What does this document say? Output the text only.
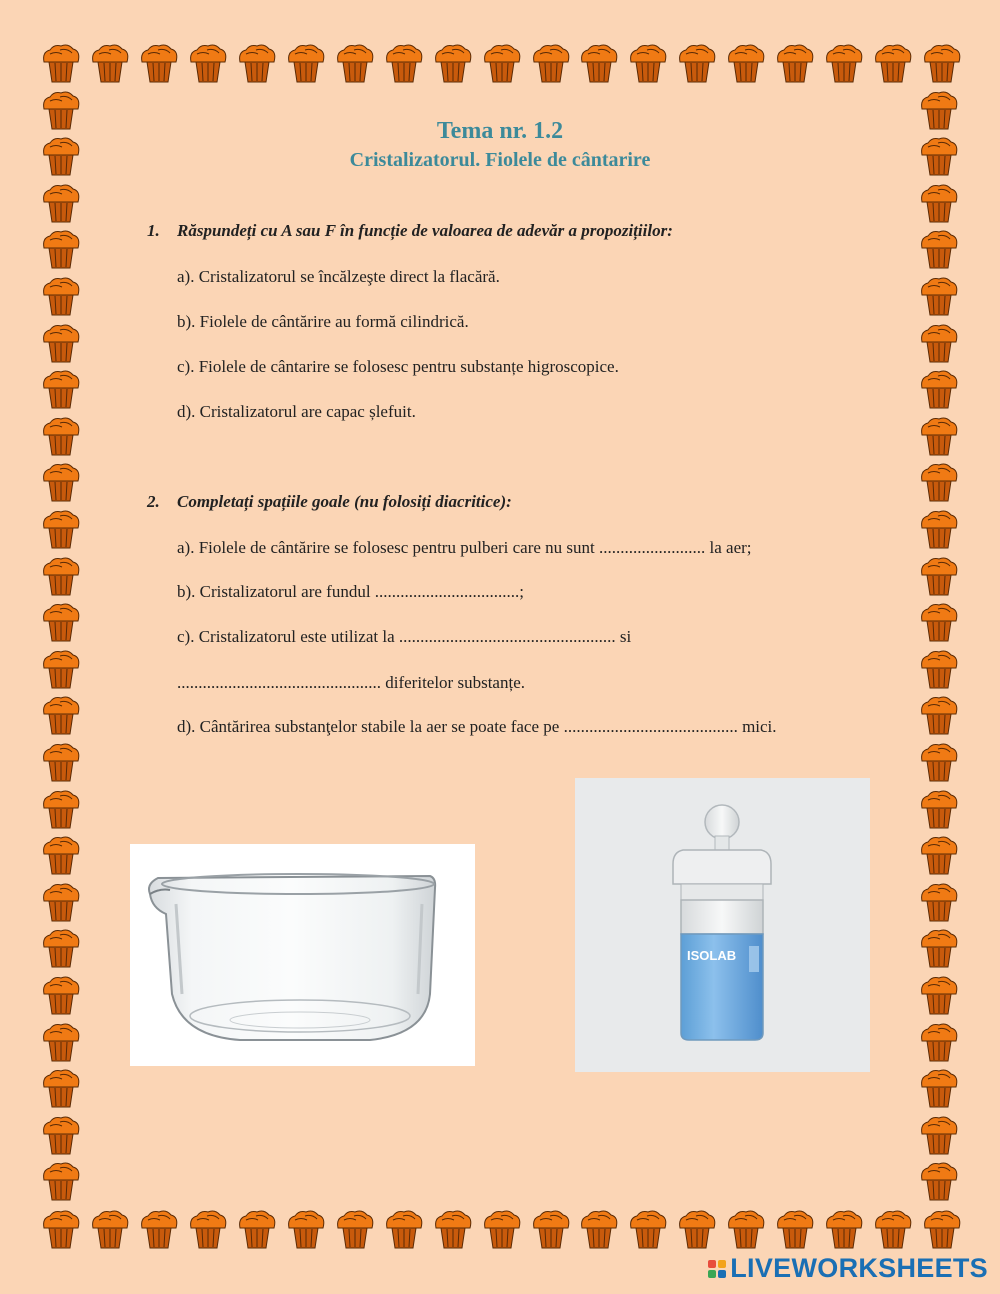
Tema nr. 1.2
Cristalizatorul. Fiolele de cântarire
1. Răspundeți cu A sau F în funcție de valoarea de adevăr a propozițiilor:
a). Cristalizatorul se încălzeşte direct la flacără.
b). Fiolele de cântărire au formă cilindrică.
c). Fiolele de cântarire se folosesc pentru substanțe higroscopice.
d). Cristalizatorul are capac șlefuit.
2. Completați spațiile goale (nu folosiți diacritice):
a). Fiolele de cântărire se folosesc pentru pulberi care nu sunt ......................... la aer;
b). Cristalizatorul are fundul ..................................;
c). Cristalizatorul este utilizat la ................................................... si
................................................ diferitelor substanțe.
d). Cântărirea substanţelor stabile la aer se poate face pe ......................................... mici.
ISOLAB
LIVEWORKSHEETS
